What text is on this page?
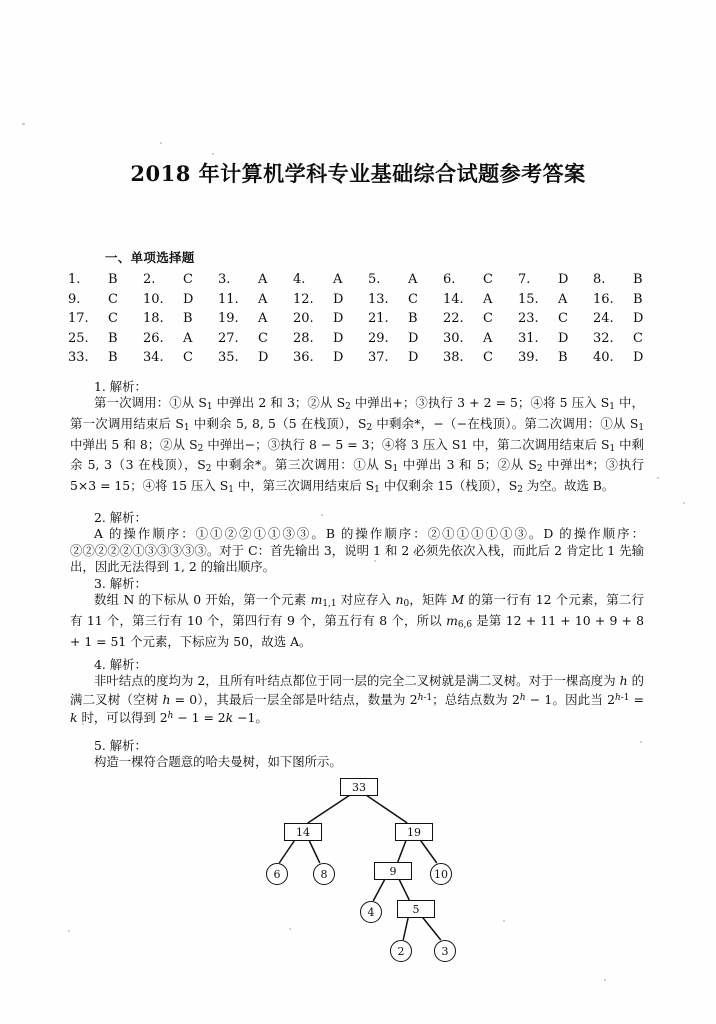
2018 年计算机学科专业基础综合试题参考答案
一、单项选择题
1.	B	2.	C	3.	A	4.	A	5.	A	6.	C	7.	D	8.	B
9.	C	10.	D	11.	A	12.	D	13.	C	14.	A	15.	A	16.	B
17.	C	18.	B	19.	A	20.	D	21.	B	22.	C	23.	C	24.	D
25.	B	26.	A	27.	C	28.	D	29.	D	30.	A	31.	D	32.	C
33.	B	34.	C	35.	D	36.	D	37.	D	38.	C	39.	B	40.	D

1. 解析：

第一次调用：①从 $S_1$ 中弹出 2 和 3；②从 $S_2$ 中弹出+；③执行 3 + 2 = 5；④将 5 压入 $S_1$ 中，第一次调用结束后 $S_1$ 中剩余 5, 8, 5（5 在栈顶），$S_2$ 中剩余*，−（−在栈顶）。第二次调用：①从 $S_1$ 中弹出 5 和 8；②从 $S_2$ 中弹出−；③执行 8 − 5 = 3；④将 3 压入 S1 中，第二次调用结束后 $S_1$ 中剩余 5, 3（3 在栈顶），$S_2$ 中剩余*。第三次调用：①从 $S_1$ 中弹出 3 和 5；②从 $S_2$ 中弹出*；③执行 5×3 = 15；④将 15 压入 $S_1$ 中，第三次调用结束后 $S_1$ 中仅剩余 15（栈顶），$S_2$ 为空。故选 B。

2. 解析：

A 的操作顺序：①①②②①①③③。B 的操作顺序：②①①①①①③。D 的操作顺序：②②②②②①③③③③③。对于 C：首先输出 3，说明 1 和 2 必须先依次入栈，而此后 2 肯定比 1 先输出，因此无法得到 1, 2 的输出顺序。

3. 解析：

数组 N 的下标从 0 开始，第一个元素 $m_{1,1}$ 对应存入 $n_0$，矩阵 M 的第一行有 12 个元素，第二行有 11 个，第三行有 10 个，第四行有 9 个，第五行有 8 个，所以 $m_{6,6}$ 是第 12 + 11 + 10 + 9 + 8 + 1 = 51 个元素，下标应为 50，故选 A。

4. 解析：

非叶结点的度均为 2，且所有叶结点都位于同一层的完全二叉树就是满二叉树。对于一棵高度为 h 的满二叉树（空树 h = 0），其最后一层全部是叶结点，数量为 2$^{h-1}$；总结点数为 $2^h - 1$。因此当 $2^{h-1} = k$ 时，可以得到 $2^h - 1 = 2k -1$。

5. 解析：

构造一棵符合题意的哈夫曼树，如下图所示。

33
14	19
6	8	9	10
4	5
2	3
